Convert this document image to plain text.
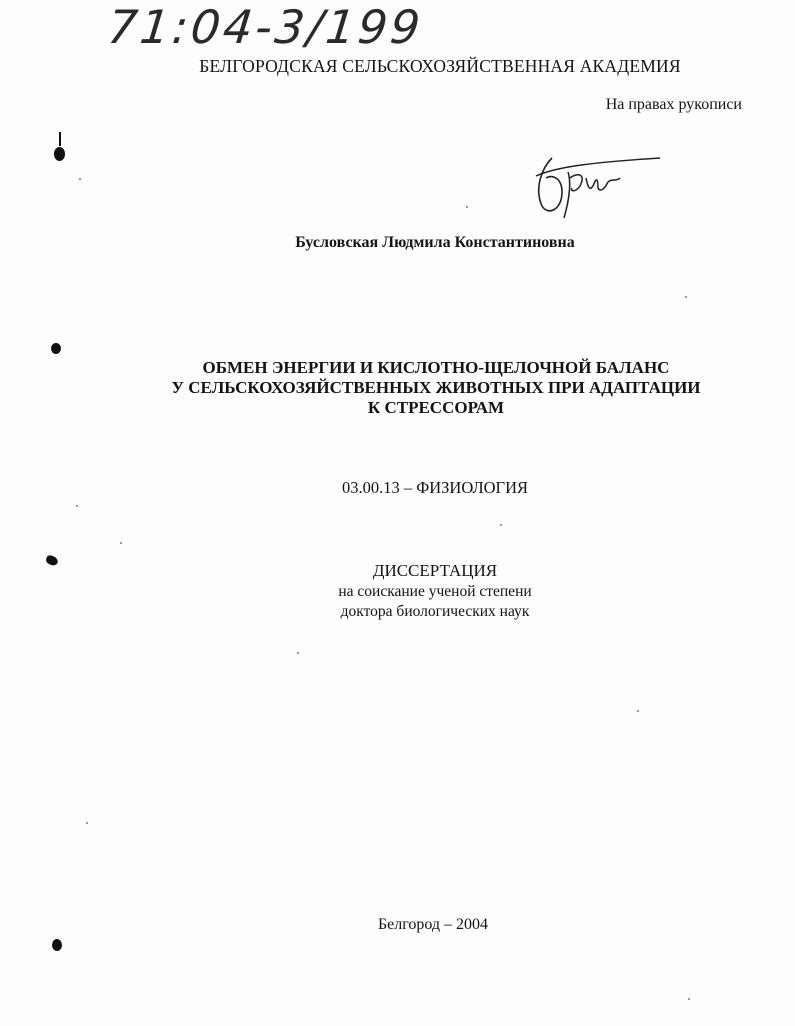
71:04-3/199
БЕЛГОРОДСКАЯ СЕЛЬСКОХОЗЯЙСТВЕННАЯ АКАДЕМИЯ
На правах рукописи
Бусловская Людмила Константиновна
ОБМЕН ЭНЕРГИИ И КИСЛОТНО-ЩЕЛОЧНОЙ БАЛАНС
У СЕЛЬСКОХОЗЯЙСТВЕННЫХ ЖИВОТНЫХ ПРИ АДАПТАЦИИ
К СТРЕССОРАМ
03.00.13 – ФИЗИОЛОГИЯ
ДИССЕРТАЦИЯ
на соискание ученой степени
доктора биологических наук
Белгород – 2004
